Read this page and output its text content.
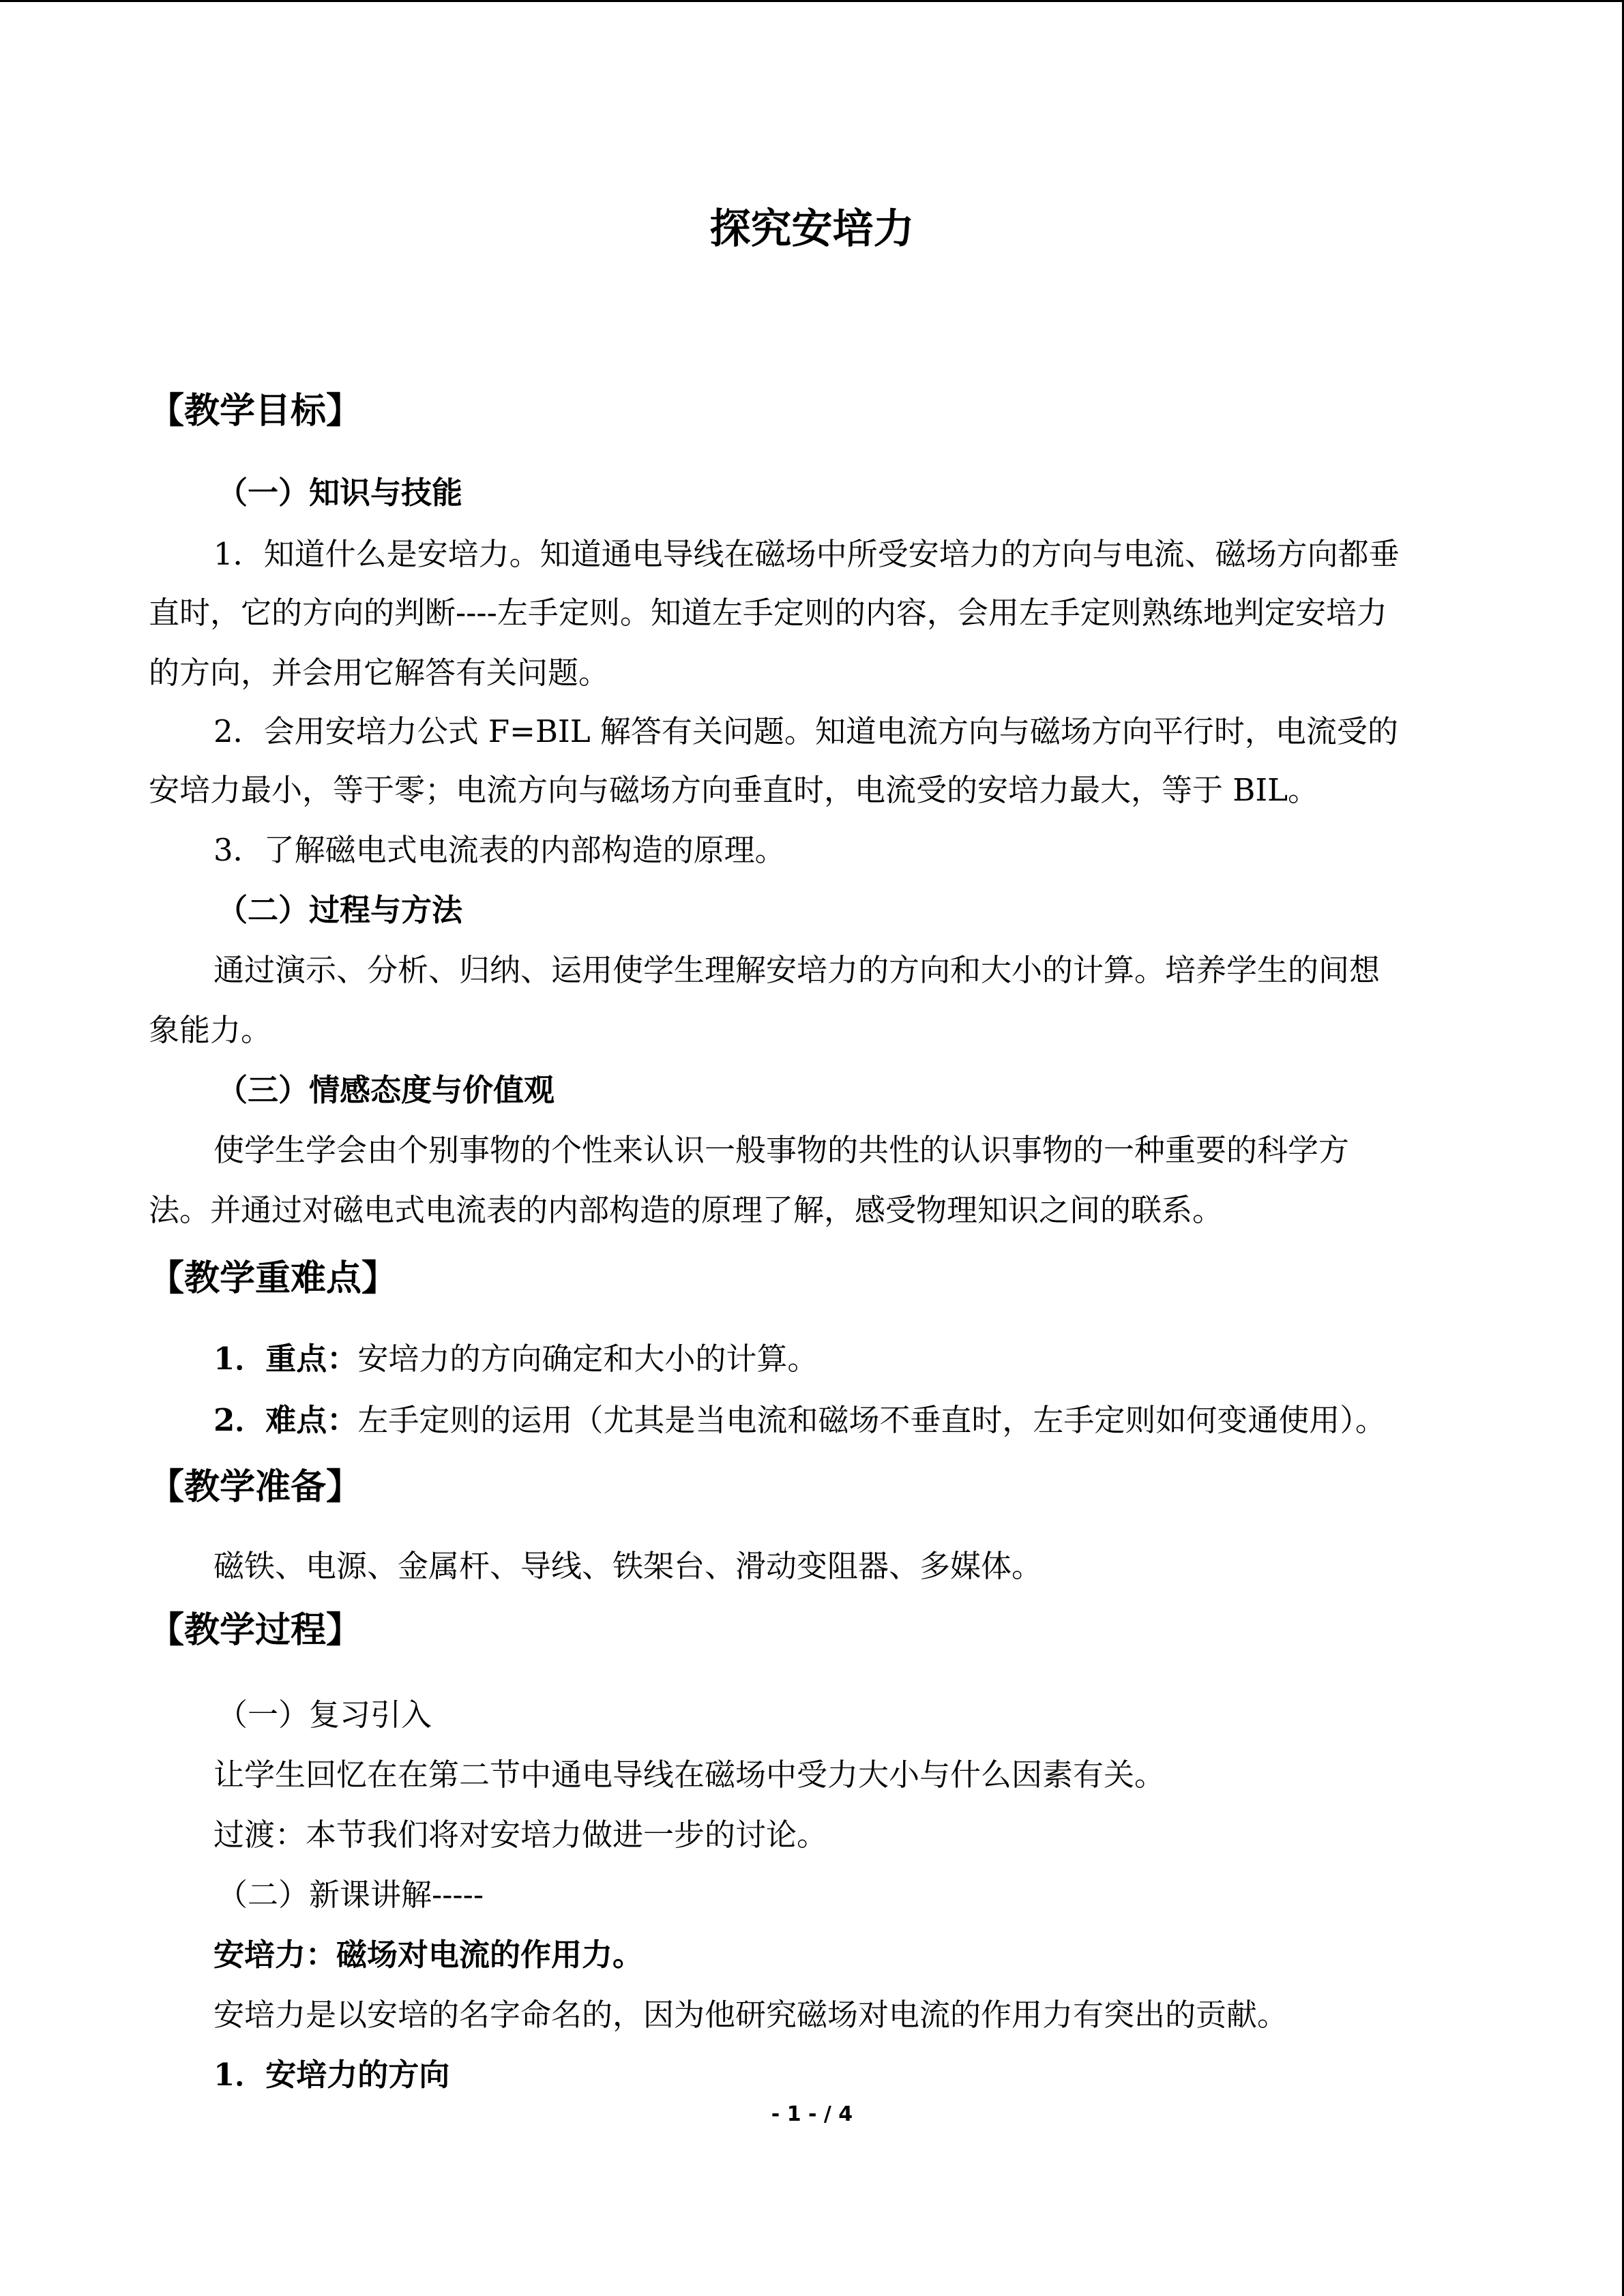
探究安培力
【教学目标】
（一）知识与技能
1．知道什么是安培力。知道通电导线在磁场中所受安培力的方向与电流、磁场方向都垂
直时，它的方向的判断----左手定则。知道左手定则的内容，会用左手定则熟练地判定安培力
的方向，并会用它解答有关问题。
2．会用安培力公式 F=BIL 解答有关问题。知道电流方向与磁场方向平行时，电流受的
安培力最小，等于零；电流方向与磁场方向垂直时，电流受的安培力最大，等于 BIL。
3．了解磁电式电流表的内部构造的原理。
（二）过程与方法
通过演示、分析、归纳、运用使学生理解安培力的方向和大小的计算。培养学生的间想
象能力。
（三）情感态度与价值观
使学生学会由个别事物的个性来认识一般事物的共性的认识事物的一种重要的科学方
法。并通过对磁电式电流表的内部构造的原理了解，感受物理知识之间的联系。
【教学重难点】
1．重点：安培力的方向确定和大小的计算。
2．难点：左手定则的运用（尤其是当电流和磁场不垂直时，左手定则如何变通使用）。
【教学准备】
磁铁、电源、金属杆、导线、铁架台、滑动变阻器、多媒体。
【教学过程】
（一）复习引入
让学生回忆在在第二节中通电导线在磁场中受力大小与什么因素有关。
过渡：本节我们将对安培力做进一步的讨论。
（二）新课讲解-----
安培力：磁场对电流的作用力。
安培力是以安培的名字命名的，因为他研究磁场对电流的作用力有突出的贡献。
1．安培力的方向
- 1 - / 4
